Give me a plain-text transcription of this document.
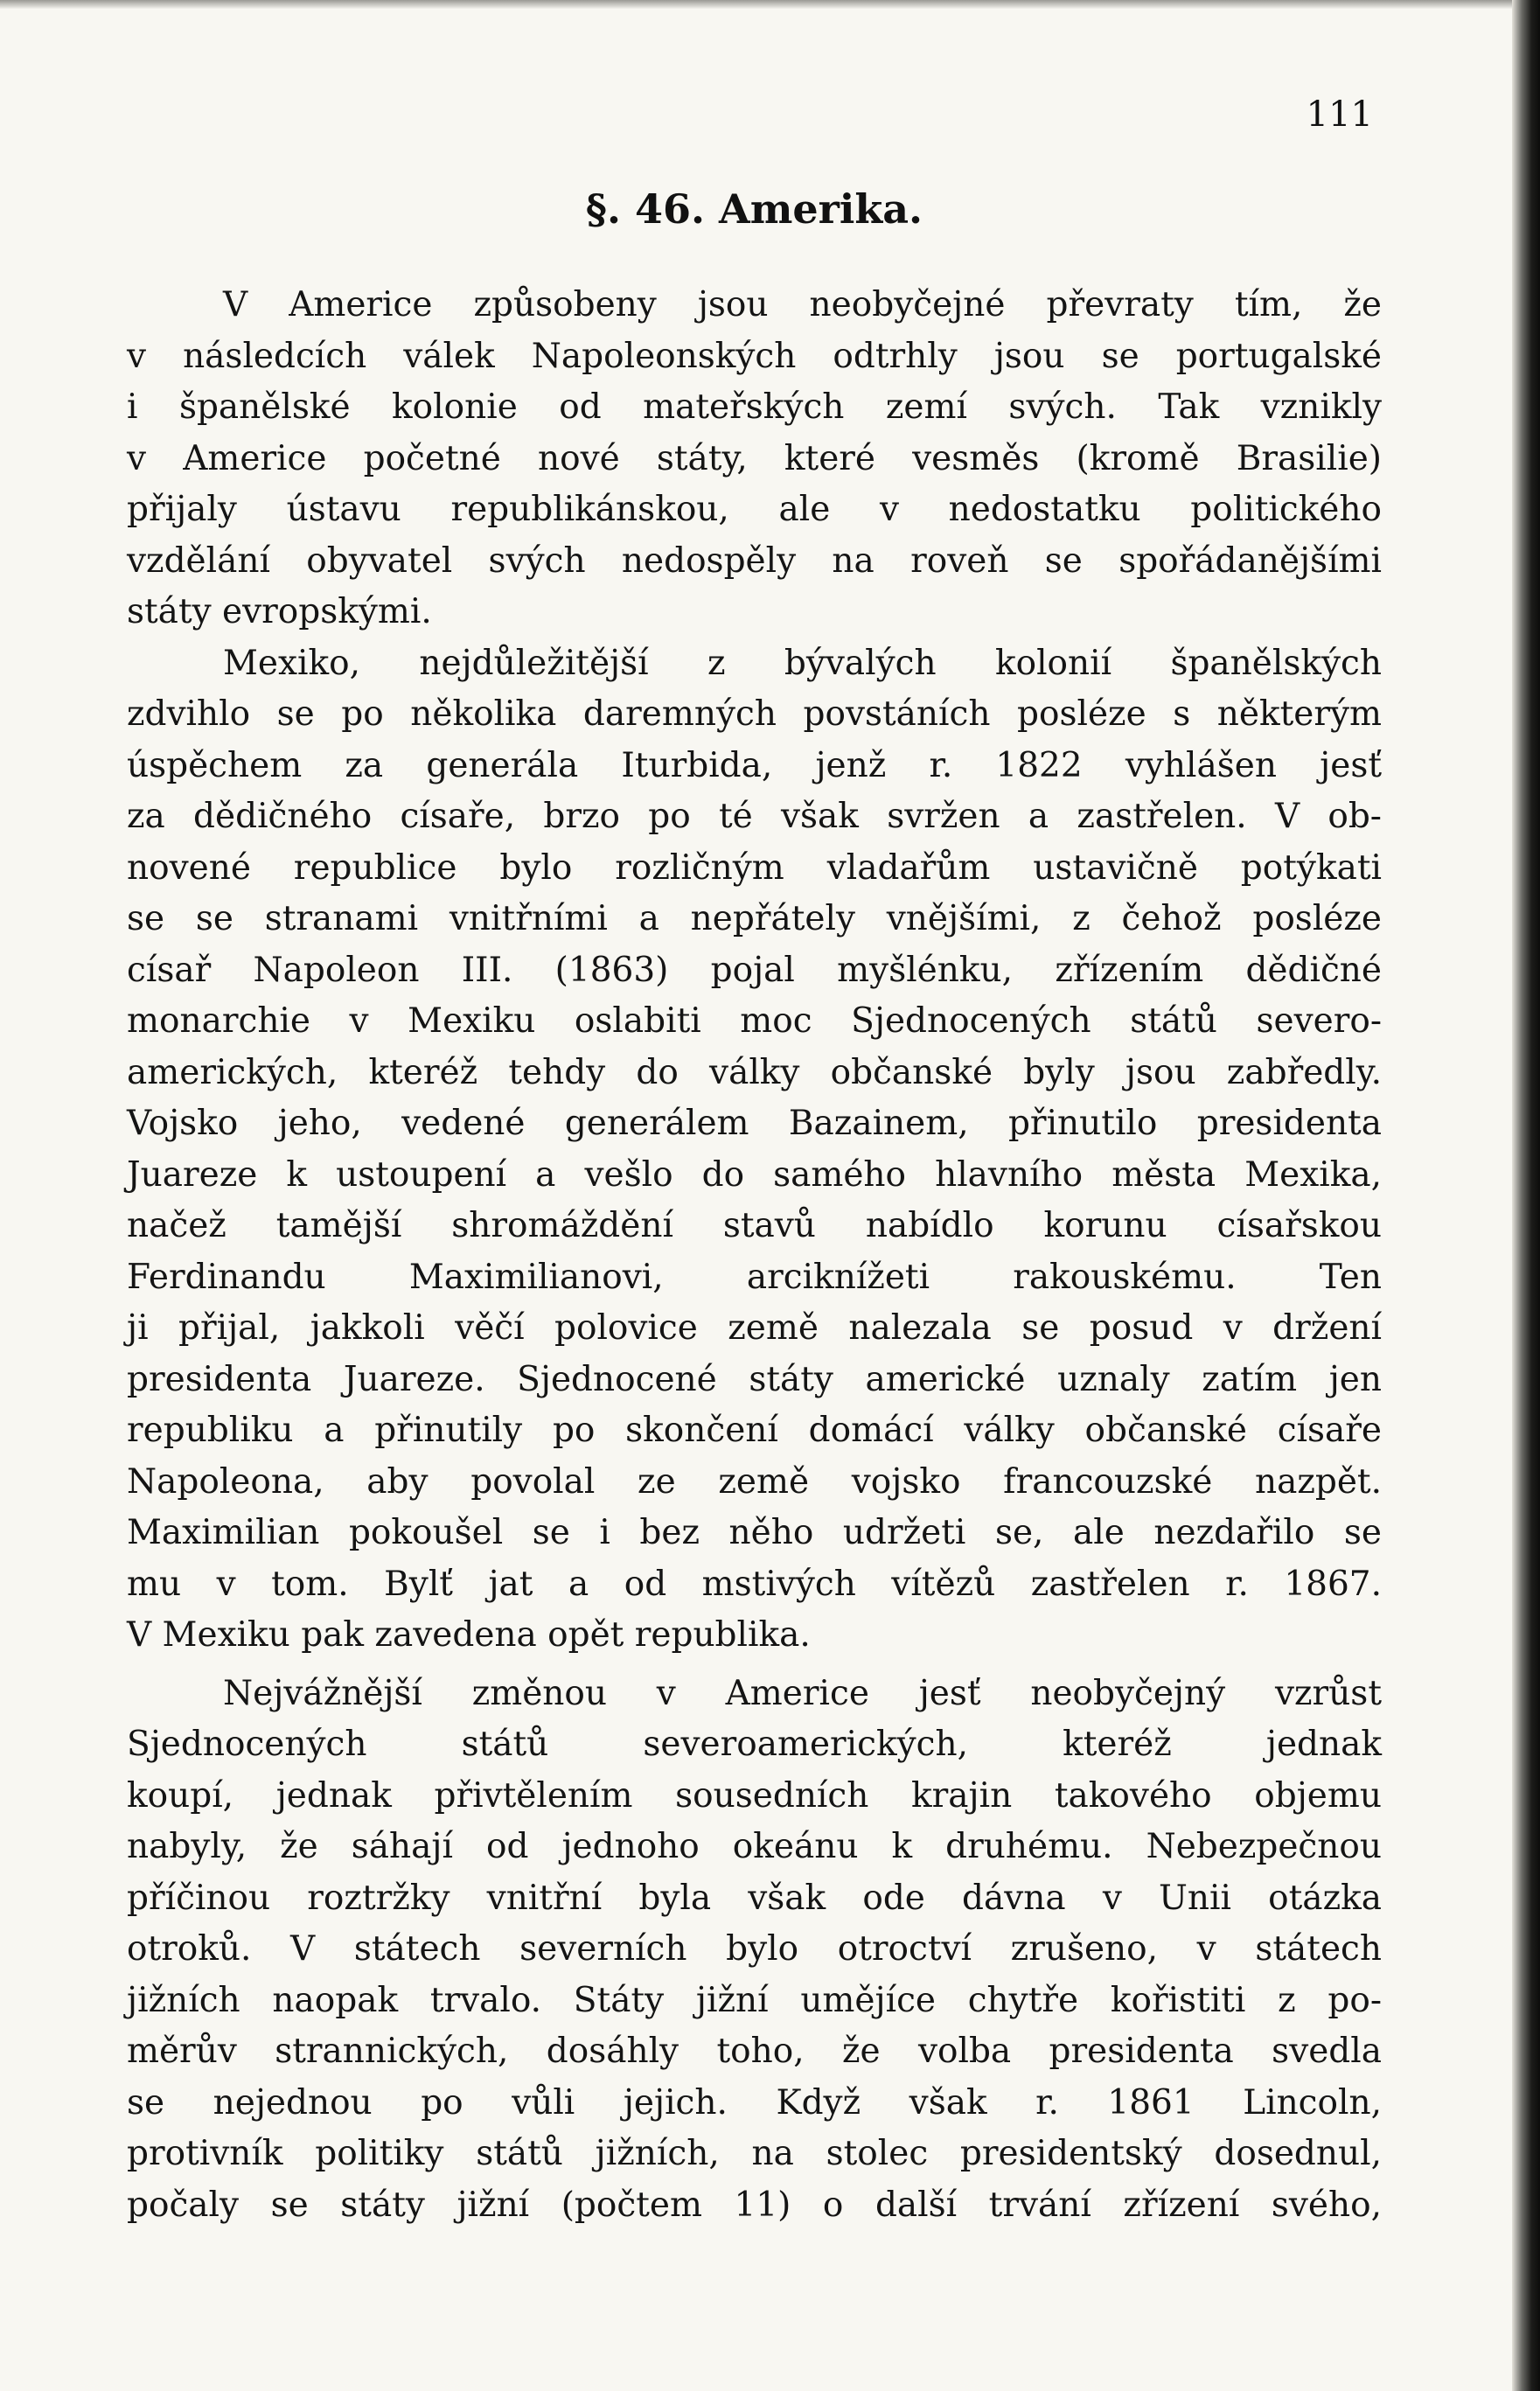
111
§. 46. Amerika.
V Americe způsobeny jsou neobyčejné převraty tím, že
v následcích válek Napoleonských odtrhly jsou se portugalské
i španělské kolonie od mateřských zemí svých. Tak vznikly
v Americe početné nové státy, které vesměs (kromě Brasilie)
přijaly ústavu republikánskou, ale v nedostatku politického
vzdělání obyvatel svých nedospěly na roveň se spořádanějšími
státy evropskými.
Mexiko, nejdůležitější z bývalých kolonií španělských
zdvihlo se po několika daremných povstáních posléze s některým
úspěchem za generála Iturbida, jenž r. 1822 vyhlášen jesť
za dědičného císaře, brzo po té však svržen a zastřelen. V ob-
novené republice bylo rozličným vladařům ustavičně potýkati
se se stranami vnitřními a nepřátely vnějšími, z čehož posléze
císař Napoleon III. (1863) pojal myšlénku, zřízením dědičné
monarchie v Mexiku oslabiti moc Sjednocených států severo-
amerických, kteréž tehdy do války občanské byly jsou zabředly.
Vojsko jeho, vedené generálem Bazainem, přinutilo presidenta
Juareze k ustoupení a vešlo do samého hlavního města Mexika,
načež tamější shromáždění stavů nabídlo korunu císařskou
Ferdinandu Maximilianovi, arciknížeti rakouskému. Ten
ji přijal, jakkoli věčí polovice země nalezala se posud v držení
presidenta Juareze. Sjednocené státy americké uznaly zatím jen
republiku a přinutily po skončení domácí války občanské císaře
Napoleona, aby povolal ze země vojsko francouzské nazpět.
Maximilian pokoušel se i bez něho udržeti se, ale nezdařilo se
mu v tom. Bylť jat a od mstivých vítězů zastřelen r. 1867.
V Mexiku pak zavedena opět republika.
Nejvážnější změnou v Americe jesť neobyčejný vzrůst
Sjednocených států severoamerických, kteréž jednak
koupí, jednak přivtělením sousedních krajin takového objemu
nabyly, že sáhají od jednoho okeánu k druhému. Nebezpečnou
příčinou roztržky vnitřní byla však ode dávna v Unii otázka
otroků. V státech severních bylo otroctví zrušeno, v státech
jižních naopak trvalo. Státy jižní umějíce chytře kořistiti z po-
měrův strannických, dosáhly toho, že volba presidenta svedla
se nejednou po vůli jejich. Když však r. 1861 Lincoln,
protivník politiky států jižních, na stolec presidentský dosednul,
počaly se státy jižní (počtem 11) o další trvání zřízení svého,
